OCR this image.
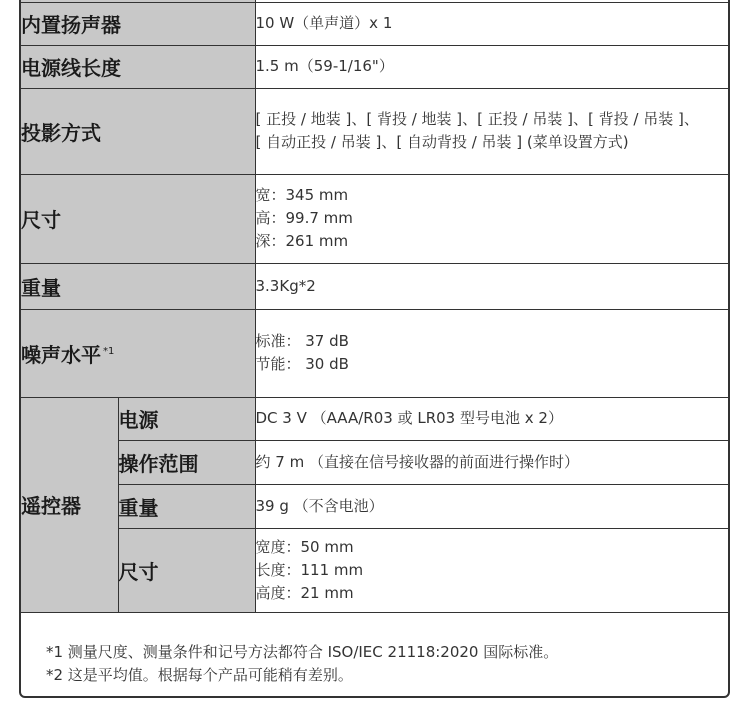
内置扬声器		10 W（单声道）x 1
电源线长度		1.5 m（59-1/16"）
投影方式		[ 正投 / 地装 ]、[ 背投 / 地装 ]、[ 正投 / 吊装 ]、[ 背投 / 吊装 ]、
[ 自动正投 / 吊装 ]、[ 自动背投 / 吊装 ] (菜单设置方式)

尺寸		宽：345 mm
高：99.7 mm
深：261 mm

重量		3.3Kg*2
噪声水平 $^{*1}$		标准： 37 dB
节能： 30 dB

遥控器	电源	DC 3 V （AAA/R03 或 LR03 型号电池 x 2）
	操作范围	约 7 m （直接在信号接收器的前面进行操作时）
	重量	39 g （不含电池）
	尺寸	宽度：50 mm
长度：111 mm
高度：21 mm
*1 测量尺度、测量条件和记号方法都符合 ISO/IEC 21118:2020 国际标准。
*2 这是平均值。根据每个产品可能稍有差别。
